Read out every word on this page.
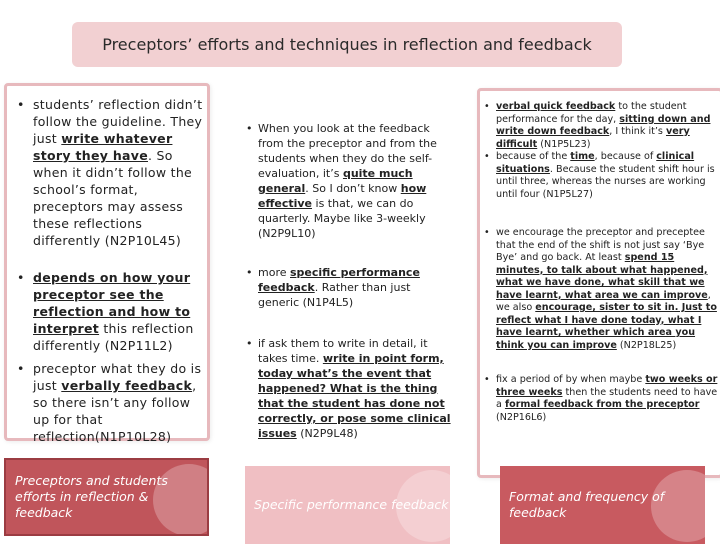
Preceptors’ efforts and techniques in reflection and feedback
• students’ reflection didn’t follow the guideline. They just write whatever story they have. So when it didn’t follow the school’s format, preceptors may assess these reflections differently (N2P10L45)
• depends on how your preceptor see the reflection and how to interpret this reflection differently (N2P11L2)
• preceptor what they do is just verbally feedback, so there isn’t any follow up for that reflection(N1P10L28)
• When you look at the feedback from the preceptor and from the students when they do the self-evaluation, it’s quite much general. So I don’t know how effective is that, we can do quarterly. Maybe like 3-weekly (N2P9L10)
• more specific performance feedback. Rather than just generic (N1P4L5)
• if ask them to write in detail, it takes time. write in point form, today what’s the event that happened? What is the thing that the student has done not correctly, or pose some clinical issues (N2P9L48)
• verbal quick feedback to the student performance for the day, sitting down and write down feedback, I think it’s very difficult (N1P5L23)
• because of the time, because of clinical situations. Because the student shift hour is until three, whereas the nurses are working until four (N1P5L27)
• we encourage the preceptor and preceptee that the end of the shift is not just say ‘Bye Bye’ and go back. At least spend 15 minutes, to talk about what happened, what we have done, what skill that we have learnt, what area we can improve, we also encourage, sister to sit in. Just to reflect what I have done today, what I have learnt, whether which area you think you can improve (N2P18L25)
• fix a period of by when maybe two weeks or three weeks then the students need to have a formal feedback from the preceptor (N2P16L6)
Preceptors and students efforts in reflection & feedback
Specific performance feedback
Format and frequency of feedback
